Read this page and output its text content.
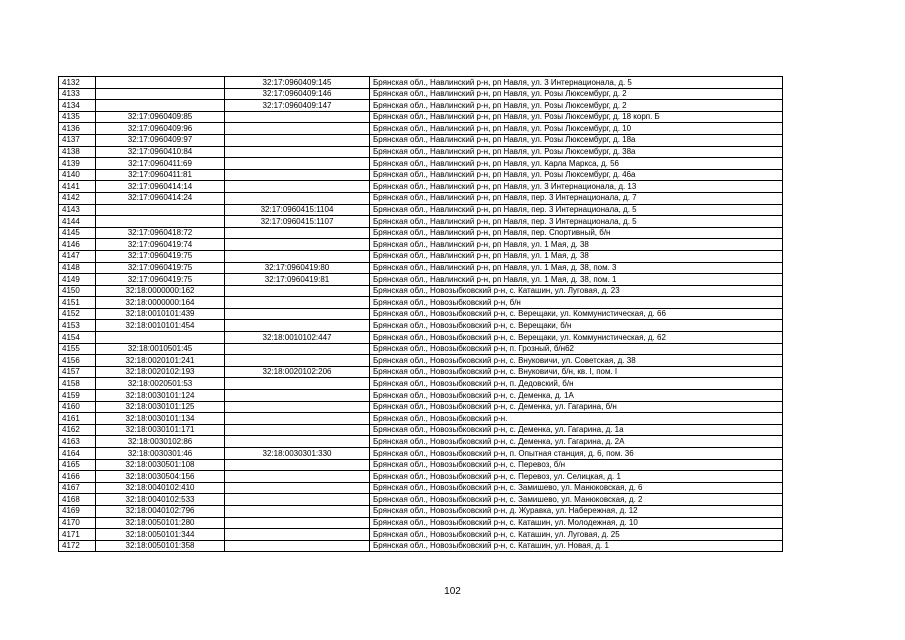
4132		32:17:0960409:145	Брянская обл., Навлинский р-н, рп Навля, ул. 3 Интернационала, д. 5
4133		32:17:0960409:146	Брянская обл., Навлинский р-н, рп Навля, ул. Розы Люксембург, д. 2
4134		32:17:0960409:147	Брянская обл., Навлинский р-н, рп Навля, ул. Розы Люксембург, д. 2
4135	32:17:0960409:85		Брянская обл., Навлинский р-н, рп Навля, ул. Розы Люксембург, д. 18 корп. Б
4136	32:17:0960409:96		Брянская обл., Навлинский р-н, рп Навля, ул. Розы Люксембург, д. 10
4137	32:17:0960409:97		Брянская обл., Навлинский р-н, рп Навля, ул. Розы Люксембург, д. 18а
4138	32:17:0960410:84		Брянская обл., Навлинский р-н, рп Навля, ул. Розы Люксембург, д. 38а
4139	32:17:0960411:69		Брянская обл., Навлинский р-н, рп Навля, ул. Карла Маркса, д. 56
4140	32:17:0960411:81		Брянская обл., Навлинский р-н, рп Навля, ул. Розы Люксембург, д. 46а
4141	32:17:0960414:14		Брянская обл., Навлинский р-н, рп Навля, ул. 3 Интернационала, д. 13
4142	32:17:0960414:24		Брянская обл., Навлинский р-н, рп Навля, пер. 3 Интернационала, д. 7
4143		32:17:0960415:1104	Брянская обл., Навлинский р-н, рп Навля, пер. 3 Интернационала, д. 5
4144		32:17:0960415:1107	Брянская обл., Навлинский р-н, рп Навля, пер. 3 Интернационала, д. 5
4145	32:17:0960418:72		Брянская обл., Навлинский р-н, рп Навля, пер. Спортивный, б/н
4146	32:17:0960419:74		Брянская обл., Навлинский р-н, рп Навля, ул. 1 Мая, д. 38
4147	32:17:0960419:75		Брянская обл., Навлинский р-н, рп Навля, ул. 1 Мая, д. 38
4148	32:17:0960419:75	32:17:0960419:80	Брянская обл., Навлинский р-н, рп Навля, ул. 1 Мая, д. 38, пом. 3
4149	32:17:0960419:75	32:17:0960419:81	Брянская обл., Навлинский р-н, рп Навля, ул. 1 Мая, д. 38, пом. 1
4150	32:18:0000000:162		Брянская обл., Новозыбковский р-н, с. Каташин, ул. Луговая, д. 23
4151	32:18:0000000:164		Брянская обл., Новозыбковский р-н, б/н
4152	32:18:0010101:439		Брянская обл., Новозыбковский р-н, с. Верещаки, ул. Коммунистическая, д. 66
4153	32:18:0010101:454		Брянская обл., Новозыбковский р-н, с. Верещаки, б/н
4154		32:18:0010102:447	Брянская обл., Новозыбковский р-н, с. Верещаки, ул. Коммунистическая, д. 62
4155	32:18:0010501:45		Брянская обл., Новозыбковский р-н, п. Грозный, б/н62
4156	32:18:0020101:241		Брянская обл., Новозыбковский р-н, с. Внуковичи, ул. Советская, д. 38
4157	32:18:0020102:193	32:18:0020102:206	Брянская обл., Новозыбковский р-н, с. Внуковичи, б/н, кв. I, пом. I
4158	32:18:0020501:53		Брянская обл., Новозыбковский р-н, п. Дедовский, б/н
4159	32:18:0030101:124		Брянская обл., Новозыбковский р-н, с. Деменка, д. 1А
4160	32:18:0030101:125		Брянская обл., Новозыбковский р-н, с. Деменка, ул. Гагарина, б/н
4161	32:18:0030101:134		Брянская обл., Новозыбковский р-н.
4162	32:18:0030101:171		Брянская обл., Новозыбковский р-н, с. Деменка, ул. Гагарина, д. 1а
4163	32:18:0030102:86		Брянская обл., Новозыбковский р-н, с. Деменка, ул. Гагарина, д. 2А
4164	32:18:0030301:46	32:18:0030301:330	Брянская обл., Новозыбковский р-н, п. Опытная станция, д. 6, пом. 36
4165	32:18:0030501:108		Брянская обл., Новозыбковский р-н, с. Перевоз, б/н
4166	32:18:0030504:156		Брянская обл., Новозыбковский р-н, с. Перевоз, ул. Селицкая, д. 1
4167	32:18:0040102:410		Брянская обл., Новозыбковский р-н, с. Замишево, ул. Манюковская, д. 6
4168	32:18:0040102:533		Брянская обл., Новозыбковский р-н, с. Замишево, ул. Манюковская, д. 2
4169	32:18:0040102:796		Брянская обл., Новозыбковский р-н, д. Журавка, ул. Набережная, д. 12
4170	32:18:0050101:280		Брянская обл., Новозыбковский р-н, с. Каташин, ул. Молодежная, д. 10
4171	32:18:0050101:344		Брянская обл., Новозыбковский р-н, с. Каташин, ул. Луговая, д. 25
4172	32:18:0050101:358		Брянская обл., Новозыбковский р-н, с. Каташин, ул. Новая, д. 1
102
